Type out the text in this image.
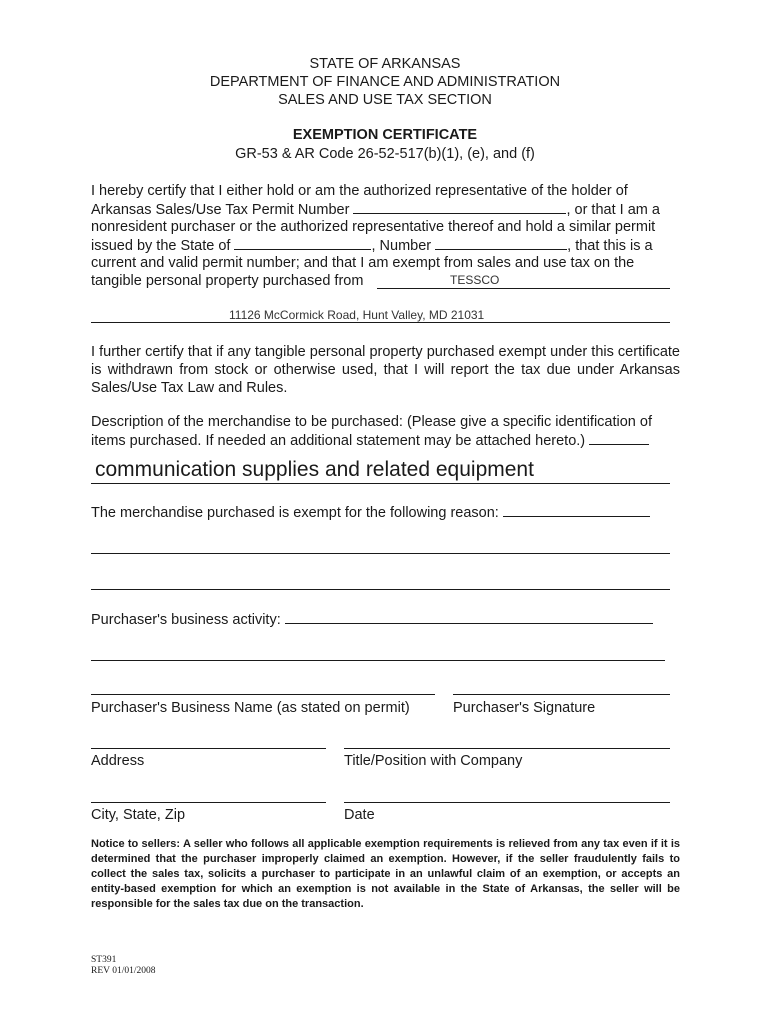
STATE OF ARKANSAS
DEPARTMENT OF FINANCE AND ADMINISTRATION
SALES AND USE TAX SECTION
EXEMPTION CERTIFICATE
GR-53 & AR Code 26-52-517(b)(1), (e), and (f)
I hereby certify that I either hold or am the authorized representative of the holder of
Arkansas Sales/Use Tax Permit Number	, or that I am a
nonresident purchaser or the authorized representative thereof and hold a similar permit
issued by the State of	, Number	, that this is a
current and valid permit number; and that I am exempt from sales and use tax on the
tangible personal property purchased from	TESSCO
11126 McCormick Road, Hunt Valley, MD 21031
I further certify that if any tangible personal property purchased exempt under this certificate is withdrawn from stock or otherwise used, that I will report the tax due under Arkansas Sales/Use Tax Law and Rules.
Description of the merchandise to be purchased: (Please give a specific identification of
items purchased. If needed an additional statement may be attached hereto.)
communication supplies and related equipment
The merchandise purchased is exempt for the following reason:
Purchaser's business activity:
Purchaser's Business Name (as stated on permit)	Purchaser's Signature
Address	Title/Position with Company
City, State, Zip	Date
Notice to sellers: A seller who follows all applicable exemption requirements is relieved from any tax even if it is determined that the purchaser improperly claimed an exemption. However, if the seller fraudulently fails to collect the sales tax, solicits a purchaser to participate in an unlawful claim of an exemption, or accepts an entity-based exemption for which an exemption is not available in the State of Arkansas, the seller will be responsible for the sales tax due on the transaction.
ST391
REV 01/01/2008
